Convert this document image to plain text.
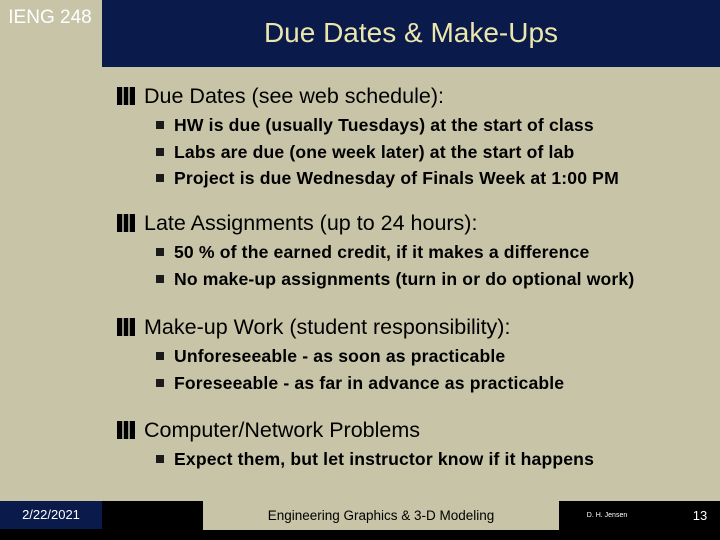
IENG 248	Due Dates & Make-Ups
Due Dates (see web schedule):
HW is due (usually Tuesdays) at the start of class
Labs are due (one week later) at the start of lab
Project is due Wednesday of Finals Week at 1:00 PM
Late Assignments (up to 24 hours):
50 % of the earned credit, if it makes a difference
No make-up assignments (turn in or do optional work)
Make-up Work (student responsibility):
Unforeseeable - as soon as practicable
Foreseeable - as far in advance as practicable
Computer/Network Problems
Expect them, but let instructor know if it happens
2/22/2021	Engineering Graphics & 3-D Modeling	D. H. Jensen	13
